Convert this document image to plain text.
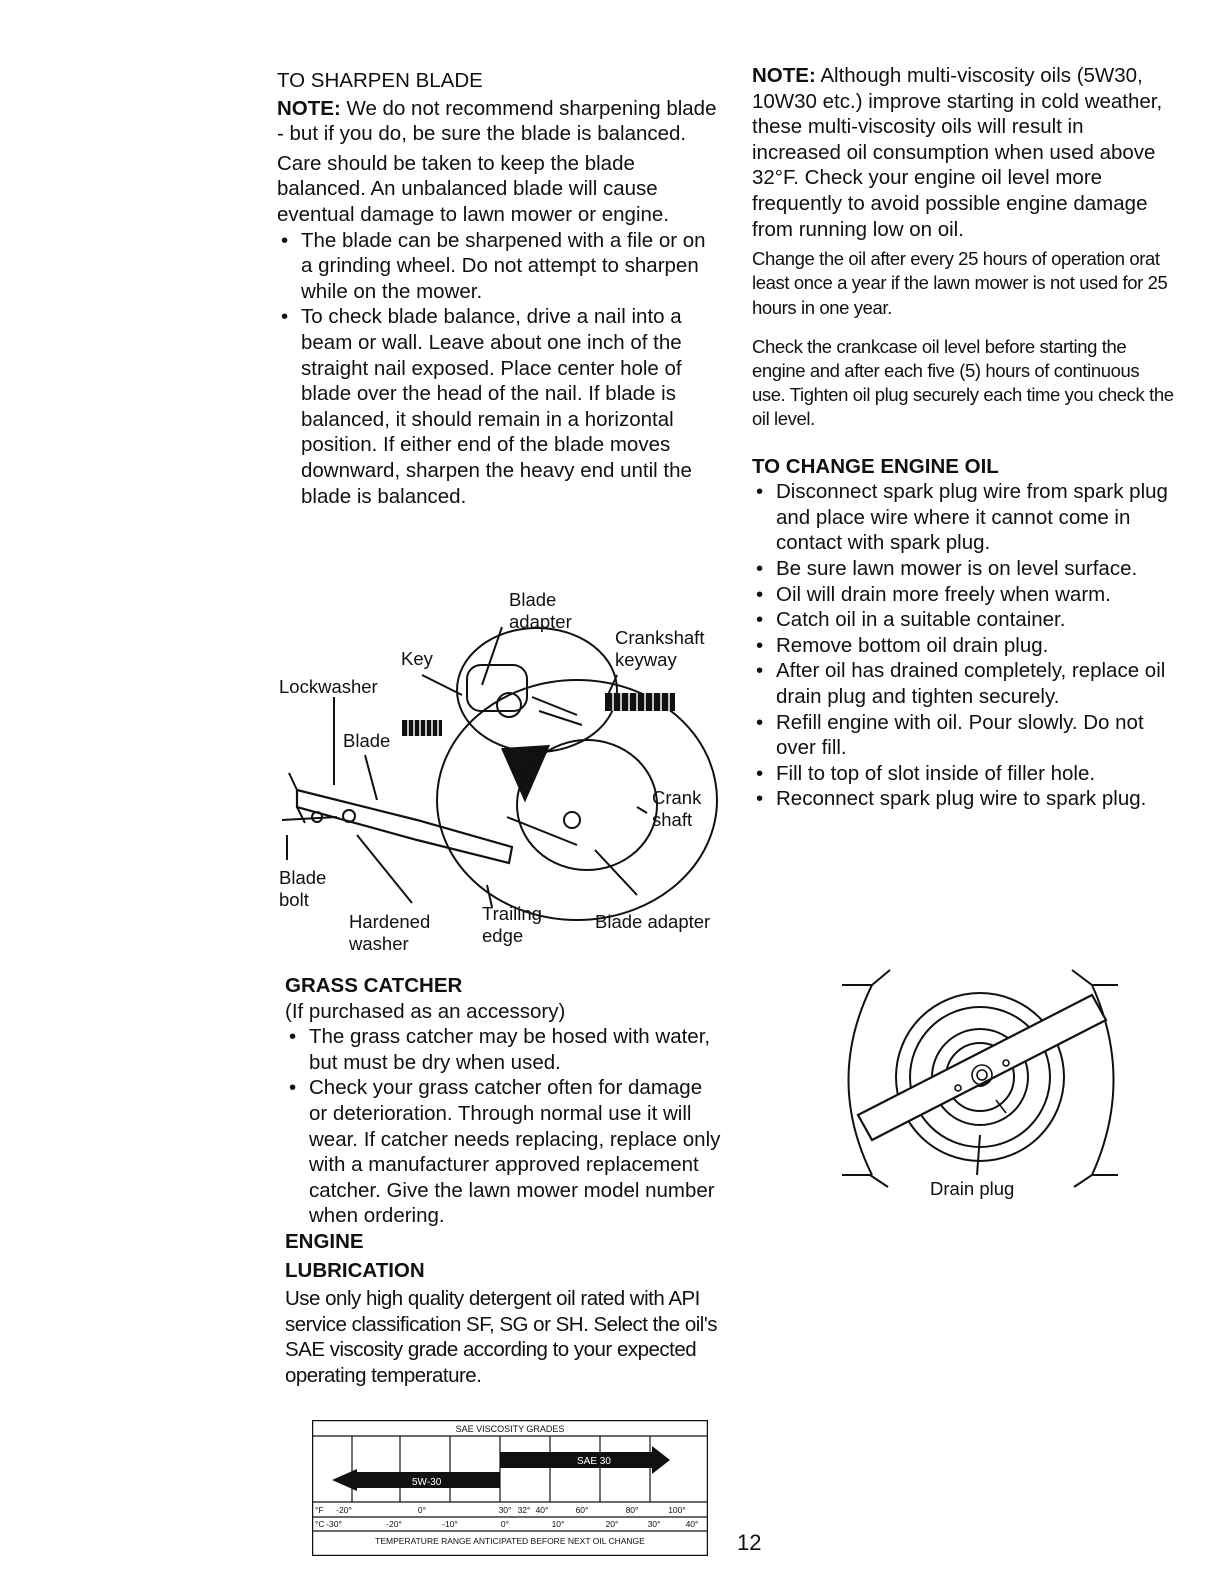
TO SHARPEN BLADE

NOTE: We do not recommend sharpening blade - but if you do, be sure the blade is balanced.

Care should be taken to keep the blade balanced. An unbalanced blade will cause eventual damage to lawn mower or engine.

• The blade can be sharpened with a file or on a grinding wheel. Do not attempt to sharpen while on the mower.
• To check blade balance, drive a nail into a beam or wall. Leave about one inch of the straight nail exposed. Place center hole of blade over the head of the nail. If blade is balanced, it should remain in a horizontal position. If either end of the blade moves downward, sharpen the heavy end until the blade is balanced.
Blade
adapter
Crankshaft
keyway
Key
Lockwasher
Blade
Crank
shaft
Blade
bolt
Hardened
washer
Trailing
edge
Blade adapter

GRASS CATCHER

(If purchased as an accessory)

• The grass catcher may be hosed with water, but must be dry when used.
• Check your grass catcher often for damage or deterioration. Through normal use it will wear. If catcher needs replacing, replace only with a manufacturer approved replacement catcher. Give the lawn mower model number when ordering.

ENGINE

LUBRICATION

Use only high quality detergent oil rated with API service classification SF, SG or SH. Select the oil's SAE viscosity grade according to your expected operating temperature.

SAE VISCOSITY GRADES
5W-30
SAE 30
°F
°C
-20°	0°	30° 32° 40°	60°	80°	100°
-30°	-20°	-10°	0°	10°	20°	30°	40°
TEMPERATURE RANGE ANTICIPATED BEFORE NEXT OIL CHANGE

NOTE: Although multi-viscosity oils (5W30, 10W30 etc.) improve starting in cold weather, these multi-viscosity oils will result in increased oil consumption when used above 32°F. Check your engine oil level more frequently to avoid possible engine damage from running low on oil.

Change the oil after every 25 hours of operation orat least once a year if the lawn mower is not used for 25 hours in one year.

Check the crankcase oil level before starting the engine and after each five (5) hours of continuous use. Tighten oil plug securely each time you check the oil level.

TO CHANGE ENGINE OIL

• Disconnect spark plug wire from spark plug and place wire where it cannot come in contact with spark plug.
• Be sure lawn mower is on level surface.
• Oil will drain more freely when warm.
• Catch oil in a suitable container.
• Remove bottom oil drain plug.
• After oil has drained completely, replace oil drain plug and tighten securely.
• Refill engine with oil. Pour slowly. Do not over fill.
• Fill to top of slot inside of filler hole.
• Reconnect spark plug wire to spark plug.
Drain plug
12
